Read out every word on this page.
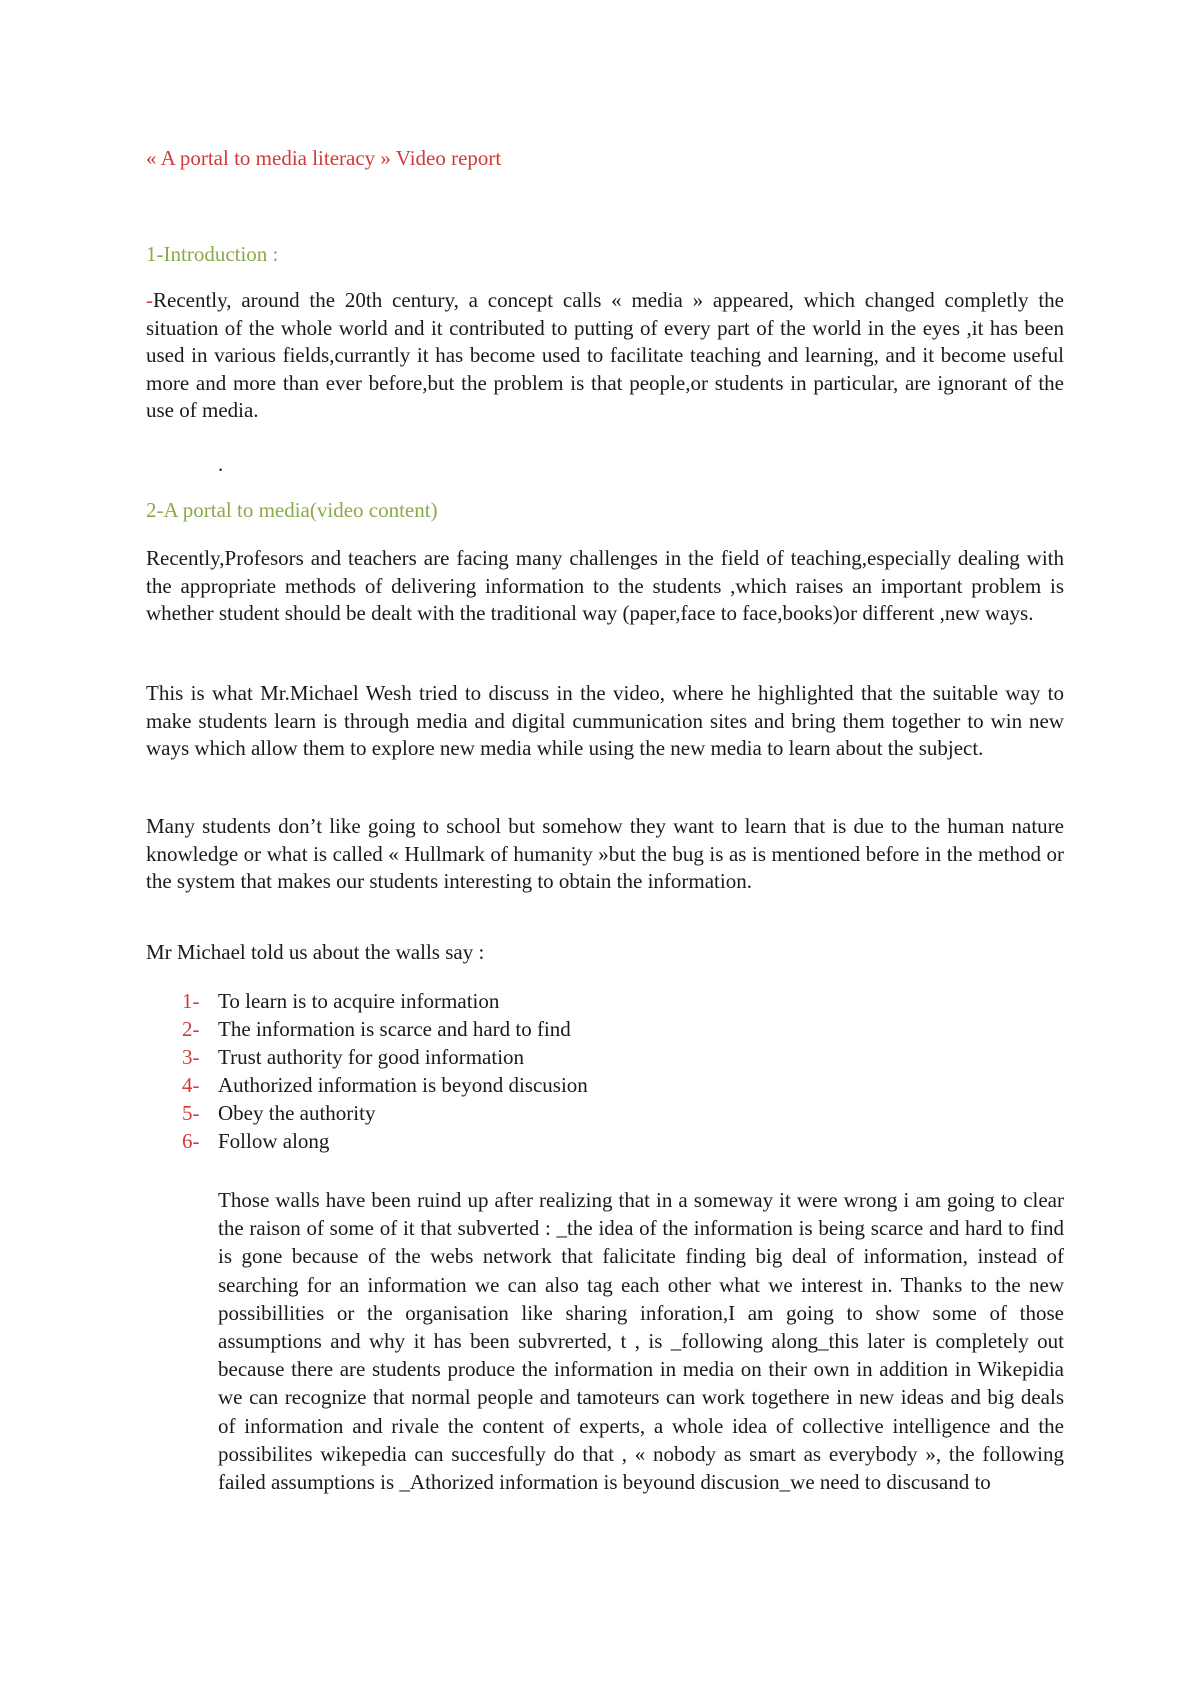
« A portal to media literacy » Video report
1-Introduction :

-Recently, around the 20th century, a concept calls « media » appeared, which changed completly the situation of the whole world and it contributed to putting of every part of the world in the eyes ,it has been used in various fields,currantly it has become used to facilitate teaching and learning, and it become useful more and more than ever before,but the problem is that people,or students in particular, are ignorant of the use of media.

.
2-A portal to media(video content)

Recently,Profesors and teachers are facing many challenges in the field of teaching,especially dealing with the appropriate methods of delivering information to the students ,which raises an important problem is whether student should be dealt with the traditional way (paper,face to face,books)or different ,new ways.

This is what Mr.Michael Wesh tried to discuss in the video, where he highlighted that the suitable way to make students learn is through media and digital cummunication sites and bring them together to win new ways which allow them to explore new media while using the new media to learn about the subject.

Many students don’t like going to school but somehow they want to learn that is due to the human nature knowledge or what is called « Hullmark of humanity »but the bug is as is mentioned before in the method or the system that makes our students interesting to obtain the information.

Mr Michael told us about the walls say :

1- To learn is to acquire information
2- The information is scarce and hard to find
3- Trust authority for good information
4- Authorized information is beyond discusion
5- Obey the authority
6- Follow along

Those walls have been ruind up after realizing that in a someway it were wrong i am going to clear the raison of some of it that subverted : _the idea of the information is being scarce and hard to find is gone because of the webs network that falicitate finding big deal of information, instead of searching for an information we can also tag each other what we interest in. Thanks to the new possibillities or the organisation like sharing inforation,I am going to show some of those assumptions and why it has been subvrerted, t , is _following along_this later is completely out because there are students produce the information in media on their own in addition in Wikepidia we can recognize that normal people and tamoteurs can work togethere in new ideas and big deals of information and rivale the content of experts, a whole idea of collective intelligence and the possibilites wikepedia can succesfully do that , « nobody as smart as everybody », the following failed assumptions is _Athorized information is beyound discusion_we need to discusand to
